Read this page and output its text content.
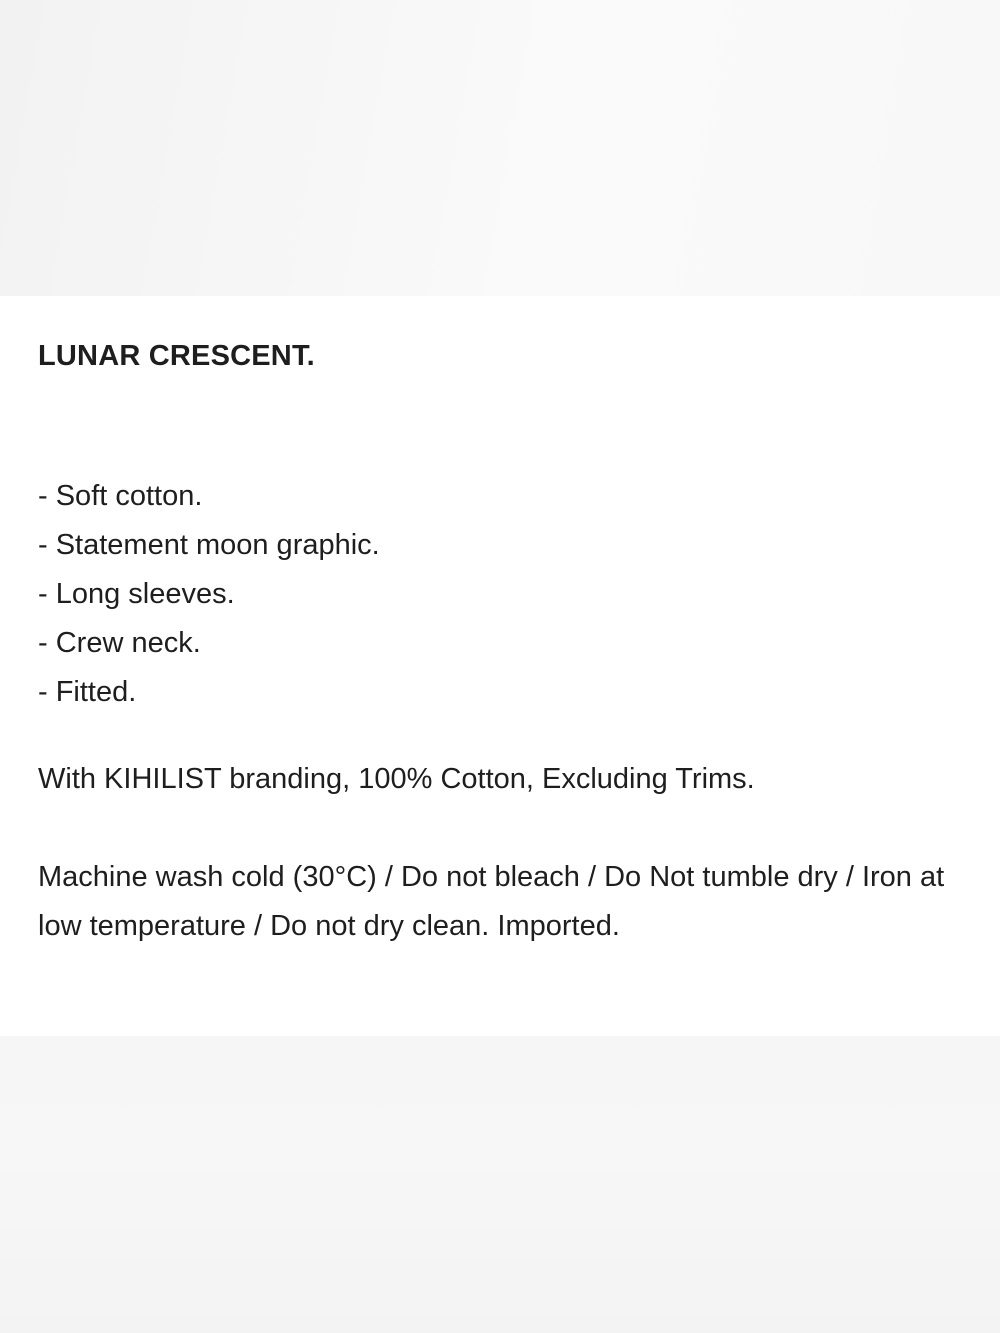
LUNAR CRESCENT.
- Soft cotton.
- Statement moon graphic.
- Long sleeves.
- Crew neck.
- Fitted.

With KIHILIST branding, 100% Cotton, Excluding Trims.

Machine wash cold (30°C) / Do not bleach / Do Not tumble dry / Iron at low temperature / Do not dry clean. Imported.
